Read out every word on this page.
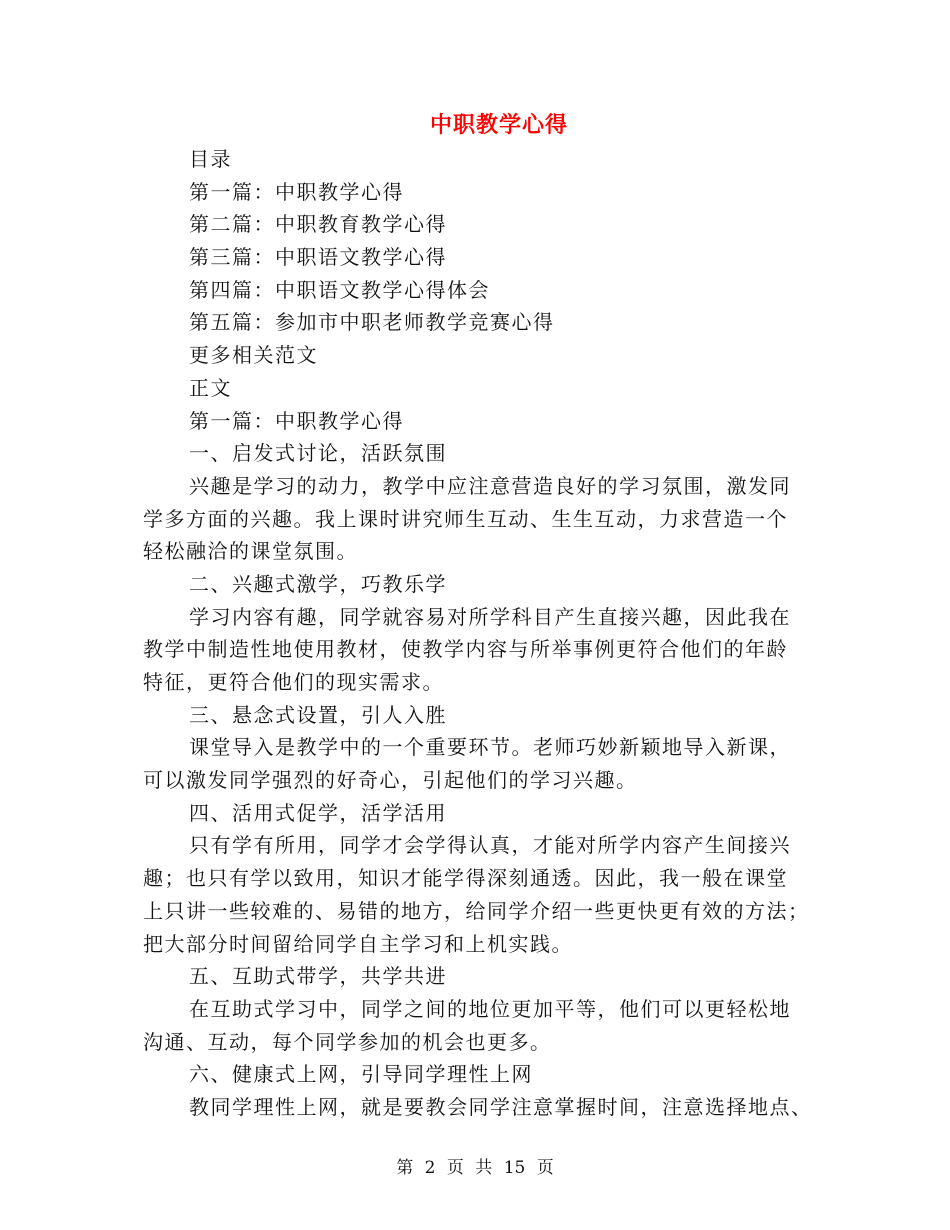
中职教学心得
目录
第一篇：中职教学心得
第二篇：中职教育教学心得
第三篇：中职语文教学心得
第四篇：中职语文教学心得体会
第五篇：参加市中职老师教学竞赛心得
更多相关范文
正文
第一篇：中职教学心得
一、启发式讨论，活跃氛围
兴趣是学习的动力，教学中应注意营造良好的学习氛围，激发同
学多方面的兴趣。我上课时讲究师生互动、生生互动，力求营造一个
轻松融洽的课堂氛围。
二、兴趣式激学，巧教乐学
学习内容有趣，同学就容易对所学科目产生直接兴趣，因此我在
教学中制造性地使用教材，使教学内容与所举事例更符合他们的年龄
特征，更符合他们的现实需求。
三、悬念式设置，引人入胜
课堂导入是教学中的一个重要环节。老师巧妙新颖地导入新课，
可以激发同学强烈的好奇心，引起他们的学习兴趣。
四、活用式促学，活学活用
只有学有所用，同学才会学得认真，才能对所学内容产生间接兴
趣；也只有学以致用，知识才能学得深刻通透。因此，我一般在课堂
上只讲一些较难的、易错的地方，给同学介绍一些更快更有效的方法；
把大部分时间留给同学自主学习和上机实践。
五、互助式带学，共学共进
在互助式学习中，同学之间的地位更加平等，他们可以更轻松地
沟通、互动，每个同学参加的机会也更多。
六、健康式上网，引导同学理性上网
教同学理性上网，就是要教会同学注意掌握时间，注意选择地点、
第 2 页 共 15 页
